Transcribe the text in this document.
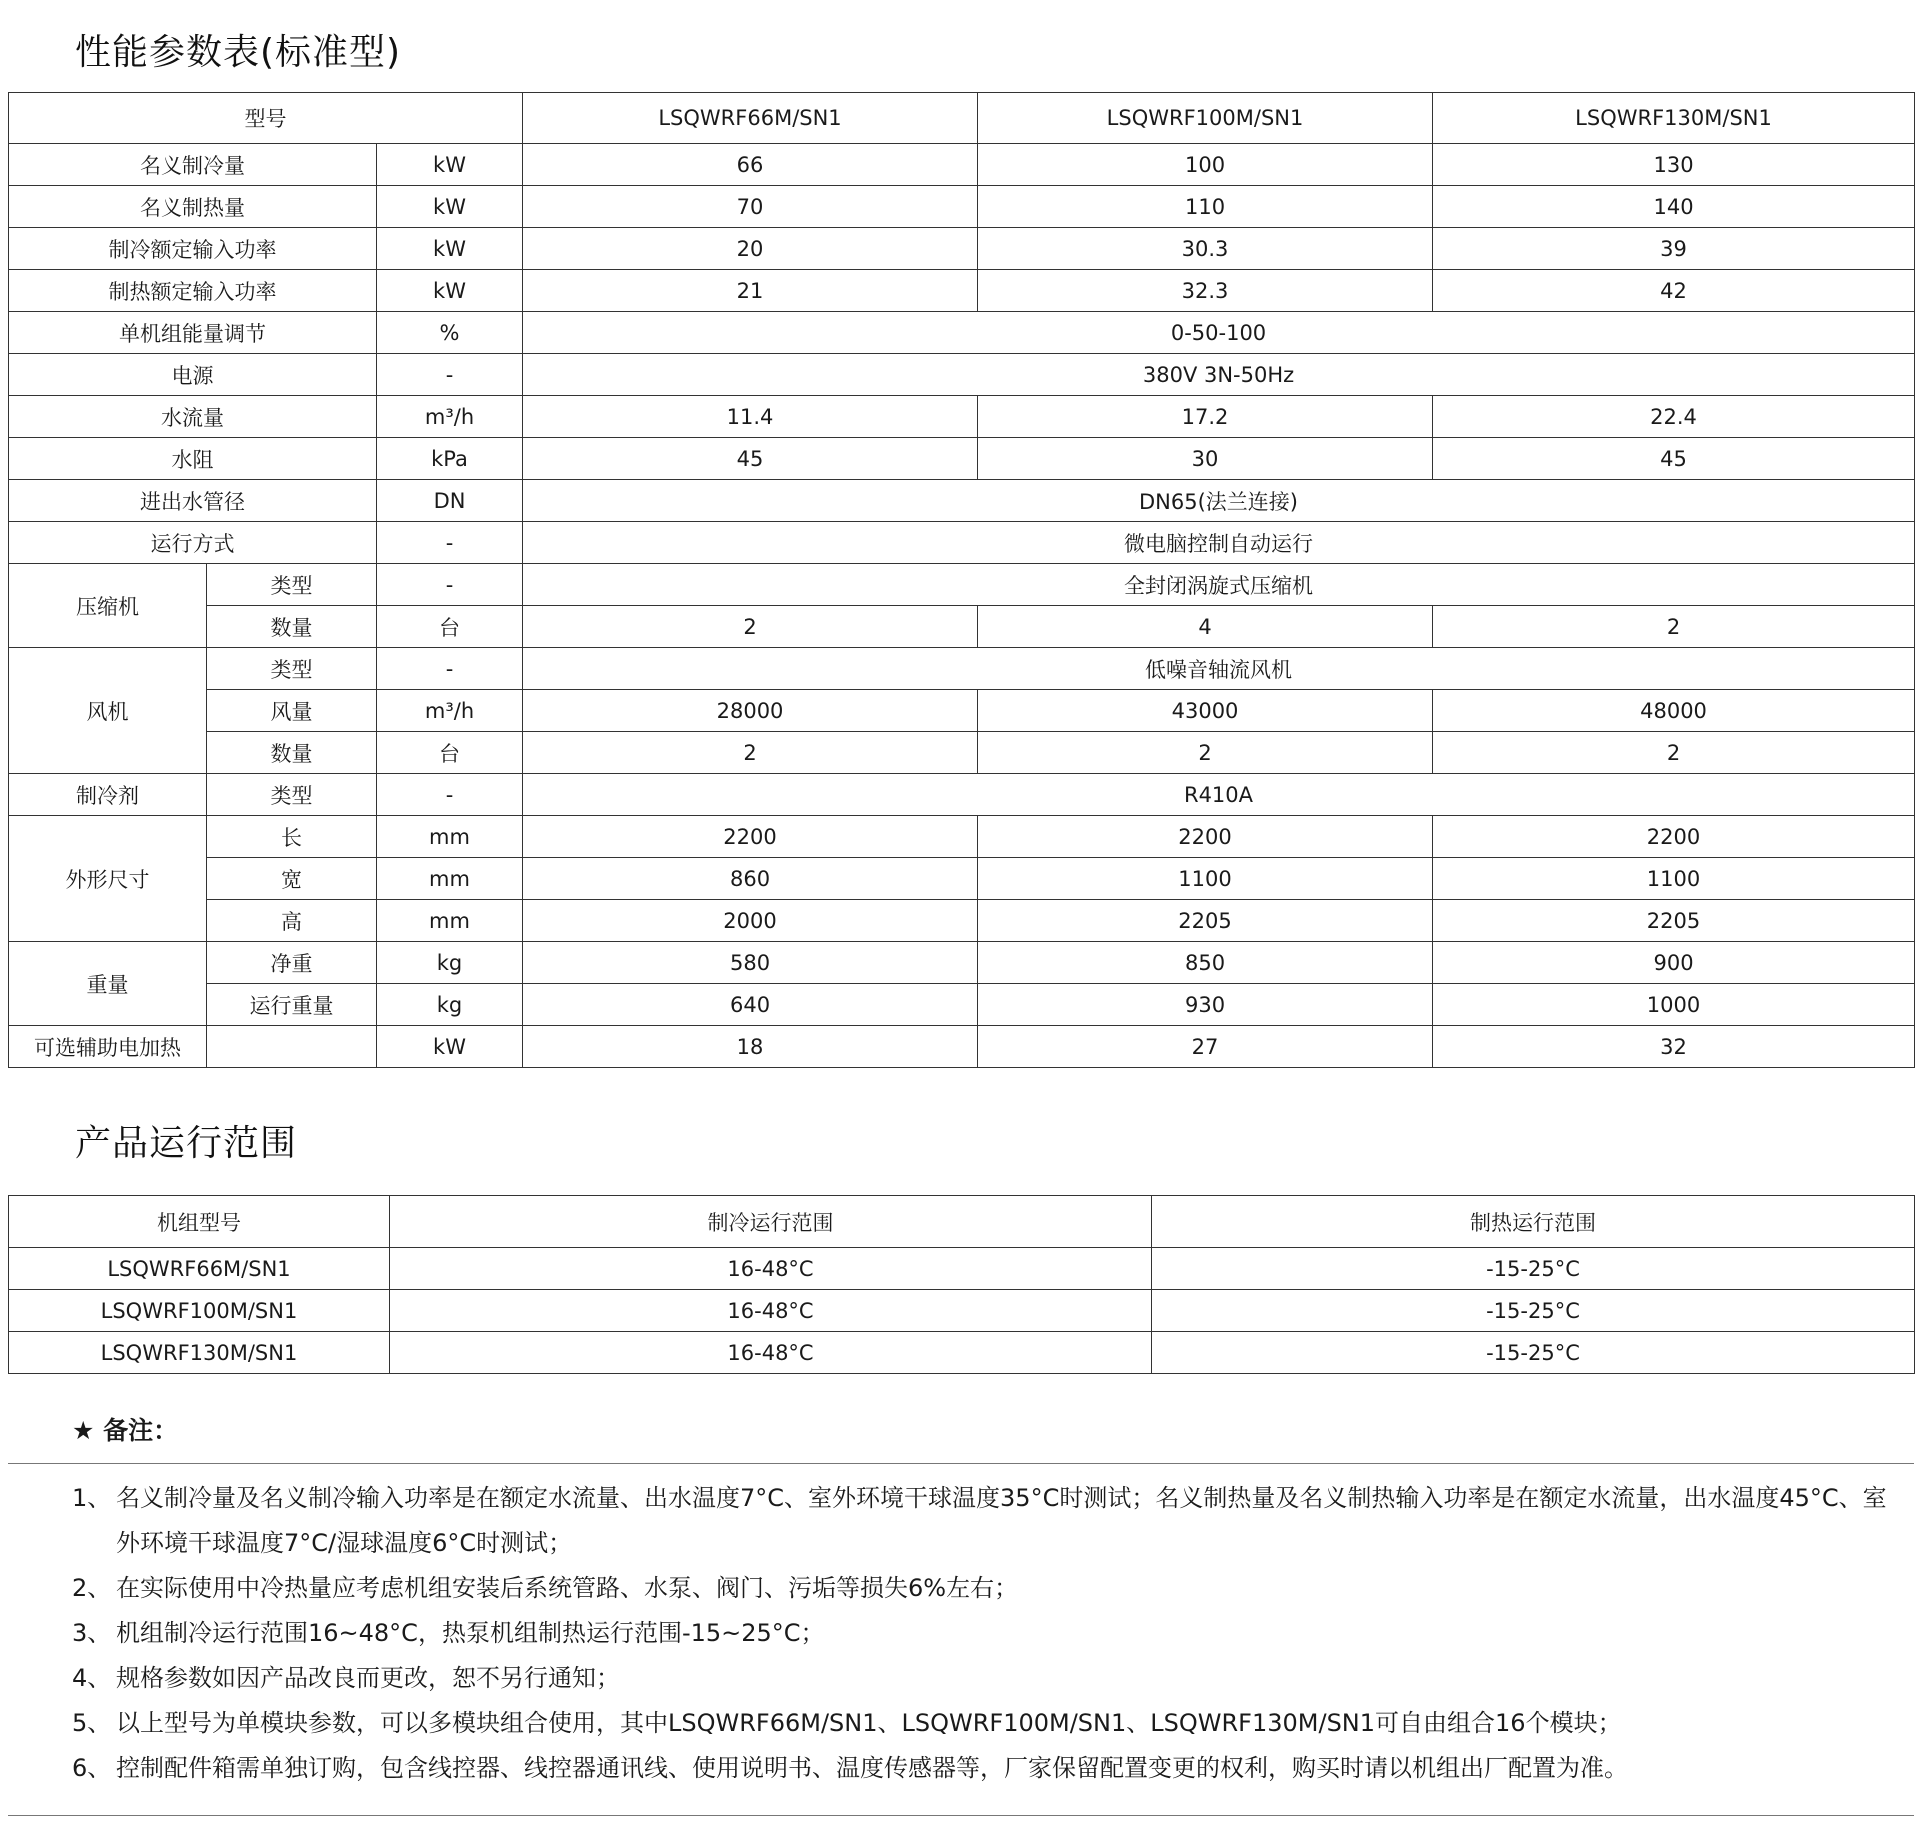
性能参数表(标准型)
型号			LSQWRF66M/SN1	LSQWRF100M/SN1	LSQWRF130M/SN1
名义制冷量		kW	66	100	130
名义制热量		kW	70	110	140
制冷额定输入功率		kW	20	30.3	39
制热额定输入功率		kW	21	32.3	42
单机组能量调节		%	0-50-100		
电源		-	380V 3N-50Hz		
水流量		m³/h	11.4	17.2	22.4
水阻		kPa	45	30	45
进出水管径		DN	DN65(法兰连接)		
运行方式		-	微电脑控制自动运行		
压缩机	类型	-	全封闭涡旋式压缩机		
	数量	台	2	4	2
风机	类型	-	低噪音轴流风机		
	风量	m³/h	28000	43000	48000
	数量	台	2	2	2
制冷剂	类型	-	R410A		
外形尺寸	长	mm	2200	2200	2200
	宽	mm	860	1100	1100
	高	mm	2000	2205	2205
重量	净重	kg	580	850	900
	运行重量	kg	640	930	1000
可选辅助电加热		kW	18	27	32
产品运行范围
机组型号	制冷运行范围	制热运行范围
LSQWRF66M/SN1	16-48°C	-15-25°C
LSQWRF100M/SN1	16-48°C	-15-25°C
LSQWRF130M/SN1	16-48°C	-15-25°C
★ 备注：
1、 名义制冷量及名义制冷输入功率是在额定水流量、出水温度7°C、室外环境干球温度35°C时测试；名义制热量及名义制热输入功率是在额定水流量，出水温度45°C、室外环境干球温度7°C/湿球温度6°C时测试；
2、 在实际使用中冷热量应考虑机组安装后系统管路、水泵、阀门、污垢等损失6%左右；
3、 机组制冷运行范围16~48°C，热泵机组制热运行范围-15~25°C；
4、 规格参数如因产品改良而更改，恕不另行通知；
5、 以上型号为单模块参数，可以多模块组合使用，其中LSQWRF66M/SN1、LSQWRF100M/SN1、LSQWRF130M/SN1可自由组合16个模块；
6、 控制配件箱需单独订购，包含线控器、线控器通讯线、使用说明书、温度传感器等，厂家保留配置变更的权利，购买时请以机组出厂配置为准。
